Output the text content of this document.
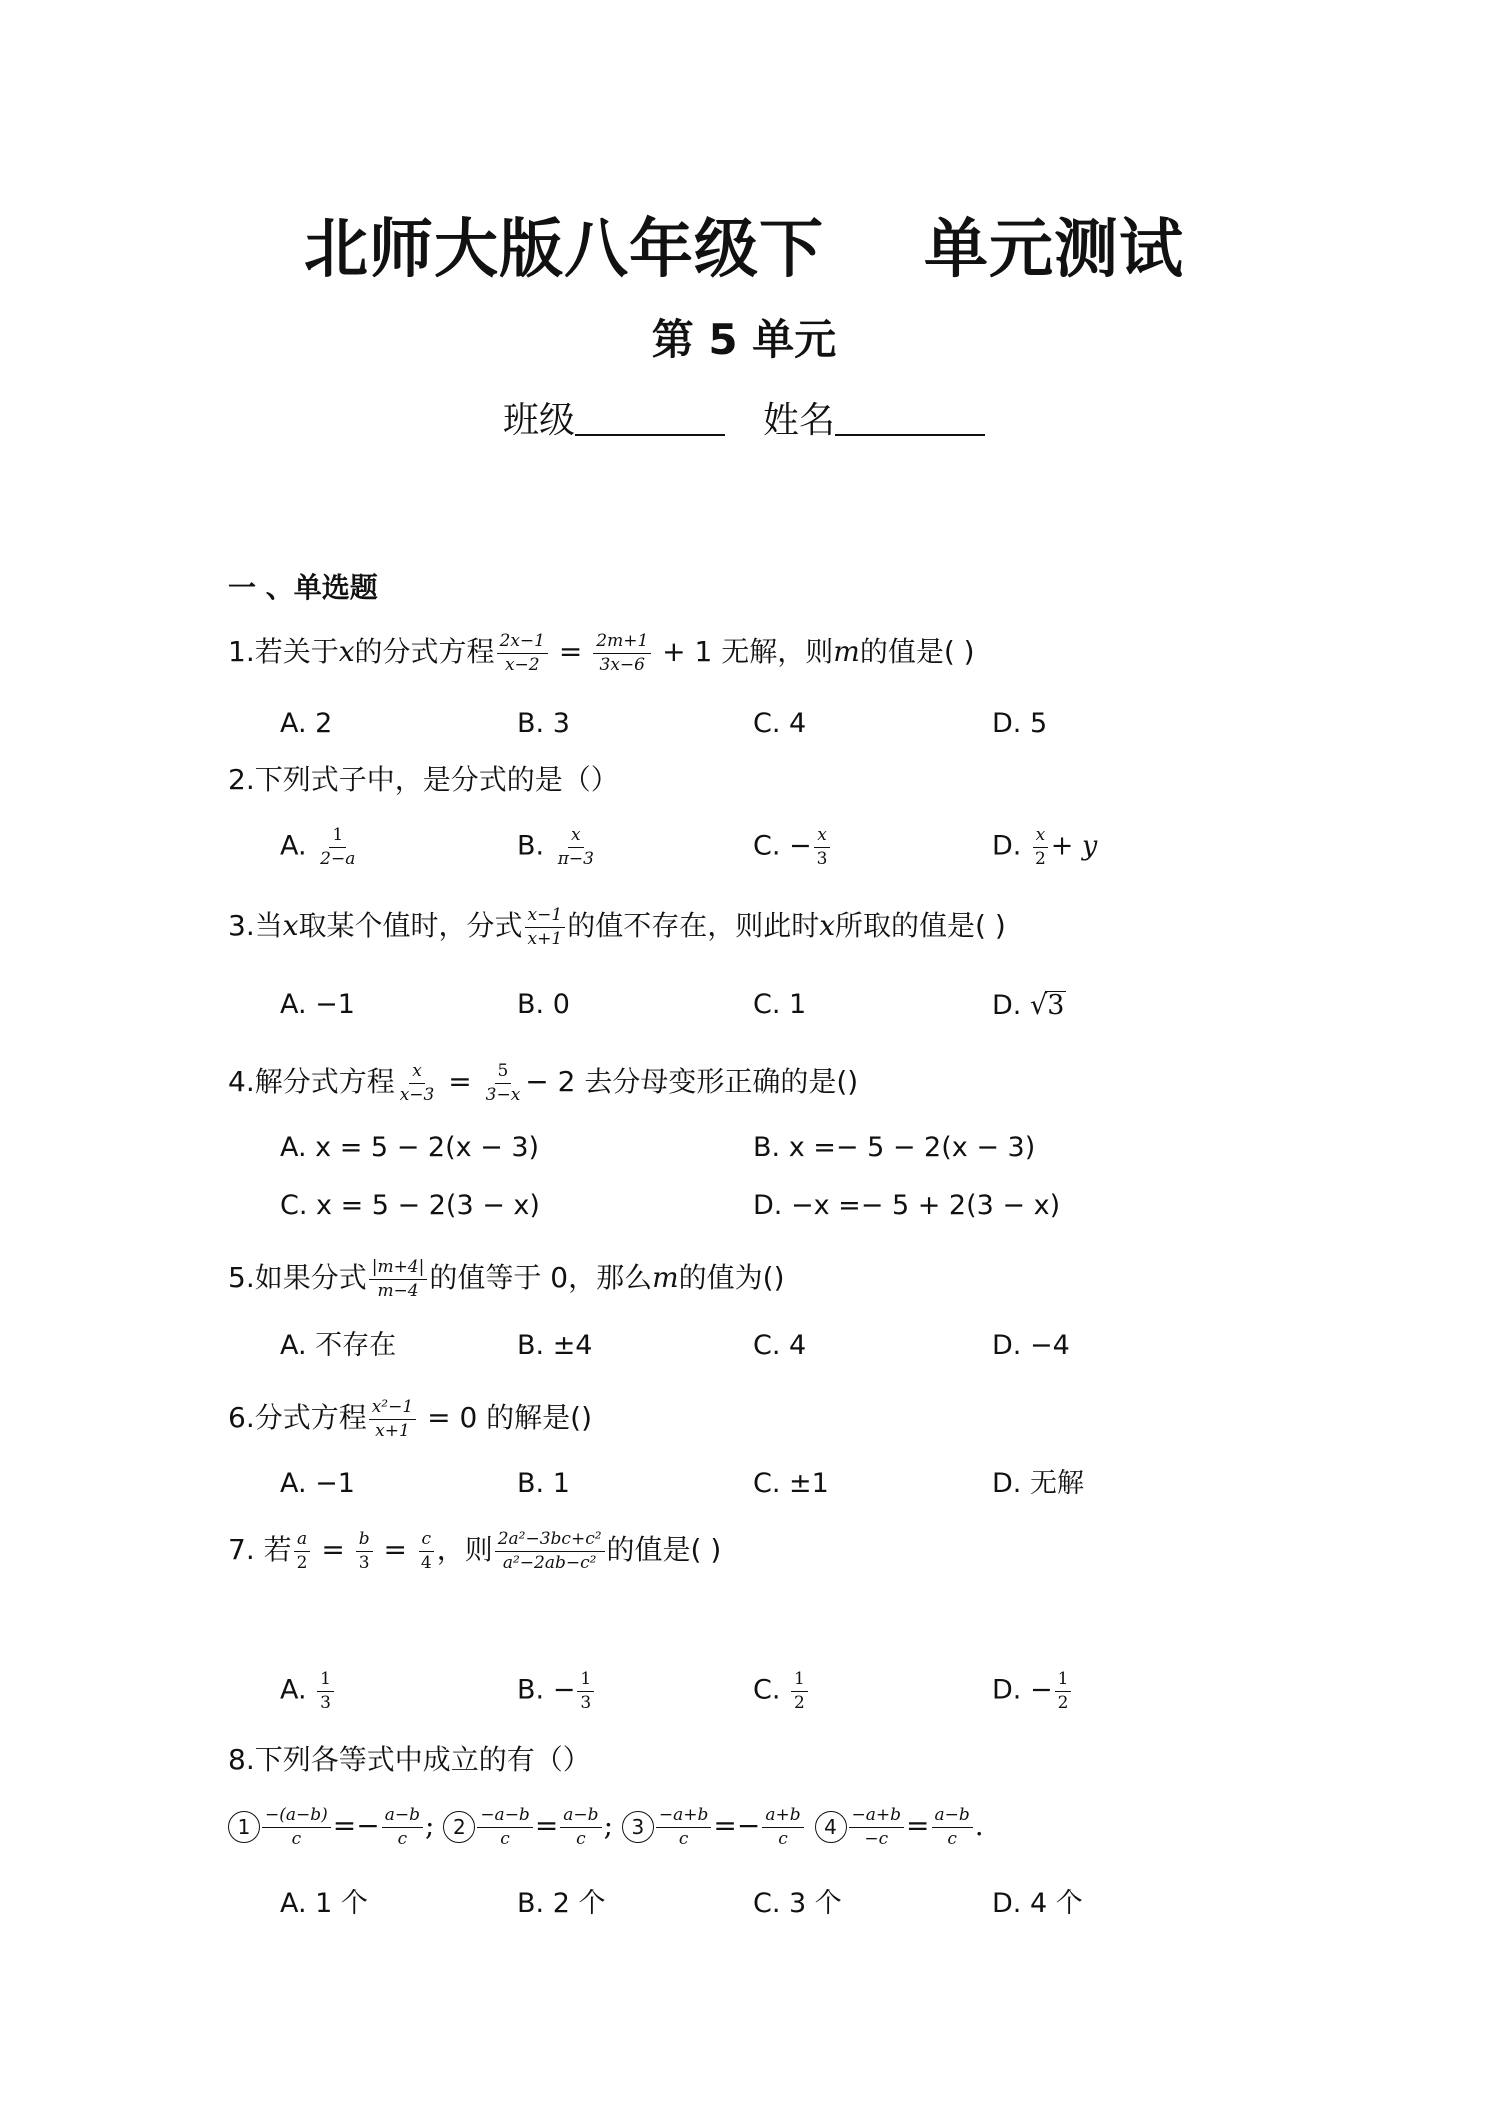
北师大版八年级下 单元测试
第 5 单元
班级	姓名
一 、单选题
1.若关于x的分式方程 $\frac{2x-1}{x-2} = \frac{2m+1}{3x-6} + 1$ 无解，则m的值是( )
A. 2	B. 3	C. 4	D. 5
2.下列式子中，是分式的是（）
A. $\frac{1}{2-a}$	B. $\frac{x}{\pi-3}$	C. − $\frac{x}{3}$	D. $\frac{x}{2} + y$
3.当x取某个值时，分式 $\frac{x-1}{x+1}$ 的值不存在，则此时x所取的值是( )
A. −1	B. 0	C. 1	D. √3
4.解分式方程 $\frac{x}{x-3} = \frac{5}{3-x} - 2$ 去分母变形正确的是()
A. x = 5 − 2(x − 3)	B. x =− 5 − 2(x − 3)
C. x = 5 − 2(3 − x)	D. −x =− 5 + 2(3 − x)
5.如果分式 $\frac{|m+4|}{m-4}$ 的值等于 0，那么m的值为()
A. 不存在	B. ±4	C. 4	D. −4
6.分式方程 $\frac{\text{x²−1}}{x+1} = 0$ 的解是()
A. −1	B. 1	C. ±1	D. 无解
7. 若 $\frac{a}{2} = \frac{b}{3} = \frac{c}{4}$ ，则 $\frac{\text{2a²−3bc+c²}}{\text{a²−2ab−c²}}$ 的值是( )
A. $\frac{1}{3}$	B. − $\frac{1}{3}$	C. $\frac{1}{2}$	D. − $\frac{1}{2}$
8.下列各等式中成立的有（）
$1 \frac{-(a-b)}{c} =- \frac{a-b}{c}$ ; $2 \frac{-a-b}{c} = \frac{a-b}{c}$ ; $3 \frac{-a+b}{c} =- \frac{a+b}{c} 4 \frac{-a+b}{-c} = \frac{a-b}{c}$ .
A. 1 个	B. 2 个	C. 3 个	D. 4 个
